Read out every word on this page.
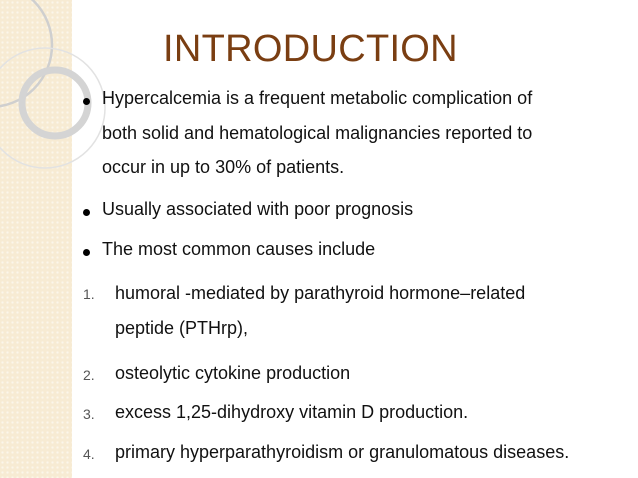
INTRODUCTION
Hypercalcemia is a frequent metabolic complication of
both solid and hematological malignancies reported to
occur in up to 30% of patients.
Usually associated with poor prognosis
The most common causes include
1. humoral -mediated by parathyroid hormone–related
peptide (PTHrp),
2. osteolytic cytokine production
3. excess 1,25-dihydroxy vitamin D production.
4. primary hyperparathyroidism or granulomatous diseases.
